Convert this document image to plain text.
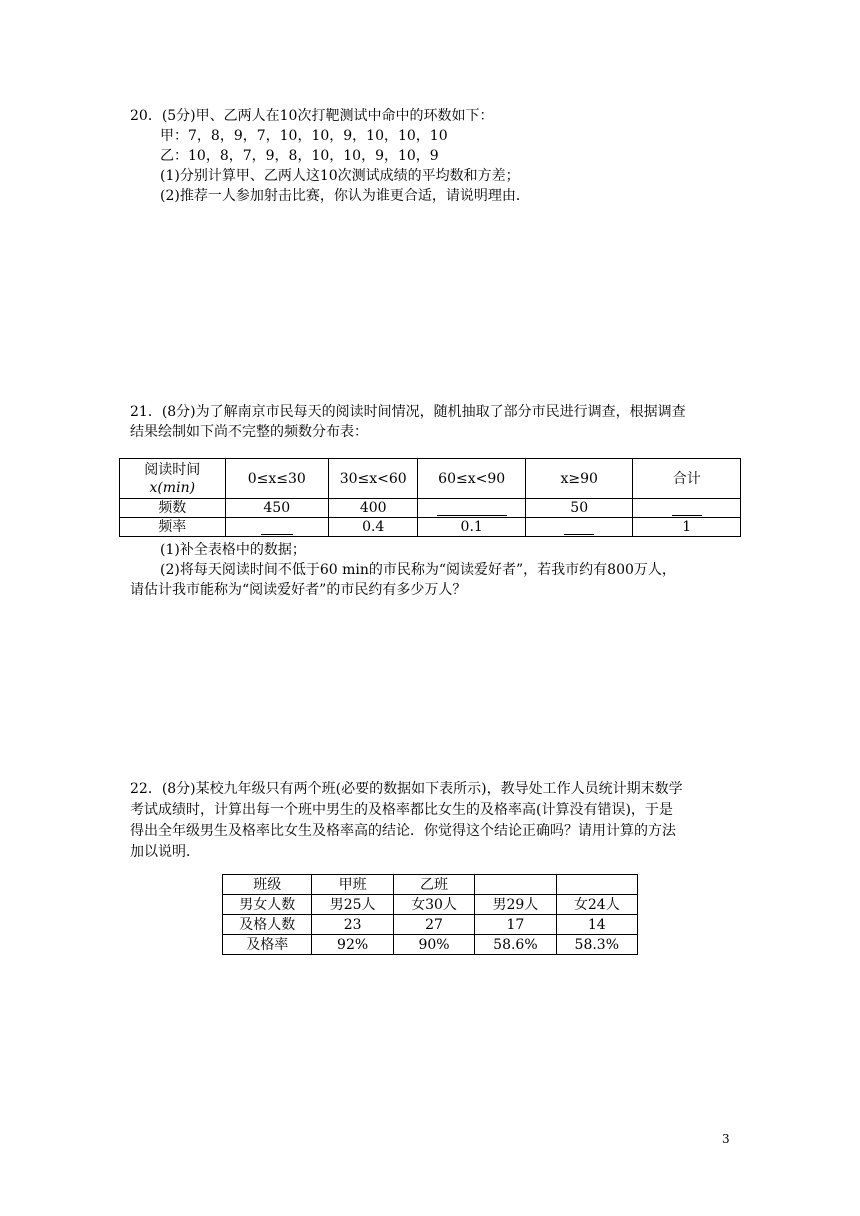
20．(5分)甲、乙两人在10次打靶测试中命中的环数如下：
甲：7，8，9，7，10，10，9，10，10，10
乙：10，8，7，9，8，10，10，9，10，9
(1)分别计算甲、乙两人这10次测试成绩的平均数和方差；
(2)推荐一人参加射击比赛，你认为谁更合适，请说明理由．
21．(8分)为了解南京市民每天的阅读时间情况，随机抽取了部分市民进行调查，根据调查
结果绘制如下尚不完整的频数分布表：
阅读时间
x(min)	0≤x≤30	30≤x<60	60≤x<90	x≥90	合计
频数	450	400		50	
频率		0.4	0.1		1
(1)补全表格中的数据；
(2)将每天阅读时间不低于60 min的市民称为“阅读爱好者”，若我市约有800万人，
请估计我市能称为“阅读爱好者”的市民约有多少万人？
22．(8分)某校九年级只有两个班(必要的数据如下表所示)，教导处工作人员统计期末数学
考试成绩时，计算出每一个班中男生的及格率都比女生的及格率高(计算没有错误)，于是
得出全年级男生及格率比女生及格率高的结论．你觉得这个结论正确吗？请用计算的方法
加以说明．
班级	甲班	乙班		
男女人数	男25人	女30人	男29人	女24人
及格人数	23	27	17	14
及格率	92%	90%	58.6%	58.3%
3
